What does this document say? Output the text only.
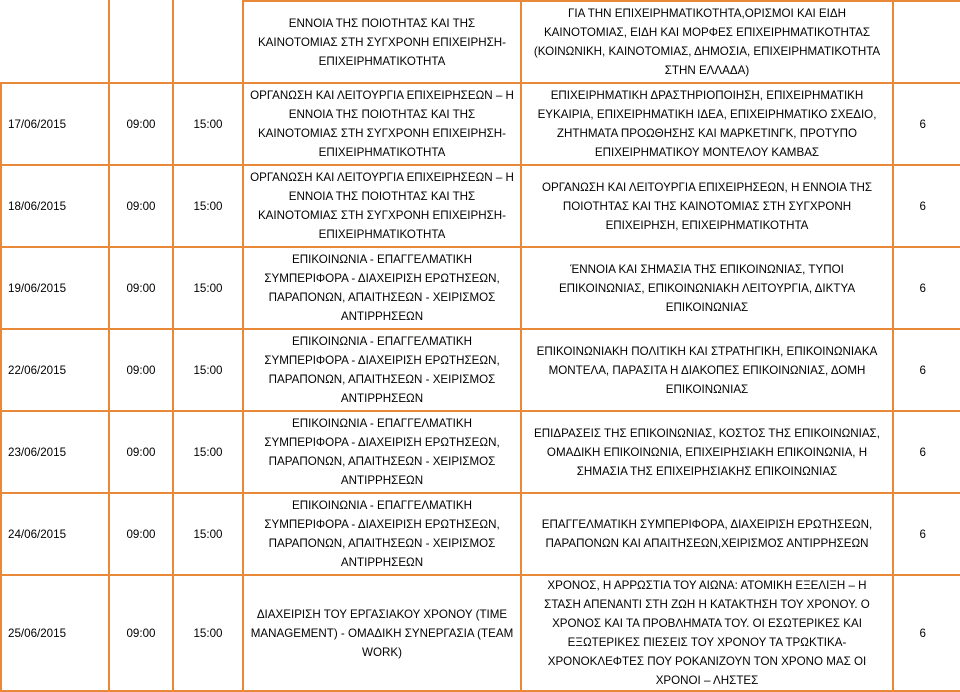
			ΕΝΝΟΙΑ ΤΗΣ ΠΟΙΟΤΗΤΑΣ ΚΑΙ ΤΗΣ ΚΑΙΝΟΤΟΜΙΑΣ ΣΤΗ ΣΥΓΧΡΟΝΗ ΕΠΙΧΕΙΡΗΣΗ-ΕΠΙΧΕΙΡΗΜΑΤΙΚΟΤΗΤΑ	ΓΙΑ ΤΗΝ ΕΠΙΧΕΙΡΗΜΑΤΙΚΟΤΗΤΑ,ΟΡΙΣΜΟΙ ΚΑΙ ΕΙΔΗ ΚΑΙΝΟΤΟΜΙΑΣ, ΕΙΔΗ ΚΑΙ ΜΟΡΦΕΣ ΕΠΙΧΕΙΡΗΜΑΤΙΚΟΤΗΤΑΣ (ΚΟΙΝΩΝΙΚΗ, ΚΑΙΝΟΤΟΜΙΑΣ, ΔΗΜΟΣΙΑ, ΕΠΙΧΕΙΡΗΜΑΤΙΚΟΤΗΤΑ ΣΤΗΝ ΕΛΛΑΔΑ)	
17/06/2015	09:00	15:00	ΟΡΓΑΝΩΣΗ ΚΑΙ ΛΕΙΤΟΥΡΓΙΑ ΕΠΙΧΕΙΡΗΣΕΩΝ – Η ΕΝΝΟΙΑ ΤΗΣ ΠΟΙΟΤΗΤΑΣ ΚΑΙ ΤΗΣ ΚΑΙΝΟΤΟΜΙΑΣ ΣΤΗ ΣΥΓΧΡΟΝΗ ΕΠΙΧΕΙΡΗΣΗ-ΕΠΙΧΕΙΡΗΜΑΤΙΚΟΤΗΤΑ	ΕΠΙΧΕΙΡΗΜΑΤΙΚΗ ΔΡΑΣΤΗΡΙΟΠΟΙΗΣΗ, ΕΠΙΧΕΙΡΗΜΑΤΙΚΗ ΕΥΚΑΙΡΙΑ, ΕΠΙΧΕΙΡΗΜΑΤΙΚΗ ΙΔΕΑ, ΕΠΙΧΕΙΡΗΜΑΤΙΚΟ ΣΧΕΔΙΟ, ΖΗΤΗΜΑΤΑ ΠΡΟΩΘΗΣΗΣ ΚΑΙ ΜΑΡΚΕΤΙΝΓΚ, ΠΡΟΤΥΠΟ ΕΠΙΧΕΙΡΗΜΑΤΙΚΟΥ ΜΟΝΤΕΛΟΥ ΚΑΜΒΑΣ	6
18/06/2015	09:00	15:00	ΟΡΓΑΝΩΣΗ ΚΑΙ ΛΕΙΤΟΥΡΓΙΑ ΕΠΙΧΕΙΡΗΣΕΩΝ – Η ΕΝΝΟΙΑ ΤΗΣ ΠΟΙΟΤΗΤΑΣ ΚΑΙ ΤΗΣ ΚΑΙΝΟΤΟΜΙΑΣ ΣΤΗ ΣΥΓΧΡΟΝΗ ΕΠΙΧΕΙΡΗΣΗ-ΕΠΙΧΕΙΡΗΜΑΤΙΚΟΤΗΤΑ	ΟΡΓΑΝΩΣΗ ΚΑΙ ΛΕΙΤΟΥΡΓΙΑ ΕΠΙΧΕΙΡΗΣΕΩΝ, Η ΕΝΝΟΙΑ ΤΗΣ ΠΟΙΟΤΗΤΑΣ ΚΑΙ ΤΗΣ ΚΑΙΝΟΤΟΜΙΑΣ ΣΤΗ ΣΥΓΧΡΟΝΗ ΕΠΙΧΕΙΡΗΣΗ, ΕΠΙΧΕΙΡΗΜΑΤΙΚΟΤΗΤΑ	6
19/06/2015	09:00	15:00	ΕΠΙΚΟΙΝΩΝΙΑ - ΕΠΑΓΓΕΛΜΑΤΙΚΗ ΣΥΜΠΕΡΙΦΟΡΑ - ΔΙΑΧΕΙΡΙΣΗ ΕΡΩΤΗΣΕΩΝ, ΠΑΡΑΠΟΝΩΝ, ΑΠΑΙΤΗΣΕΩΝ - ΧΕΙΡΙΣΜΟΣ ΑΝΤΙΡΡΗΣΕΩΝ	ΈΝΝΟΙΑ ΚΑΙ ΣΗΜΑΣΙΑ ΤΗΣ ΕΠΙΚΟΙΝΩΝΙΑΣ, ΤΥΠΟΙ ΕΠΙΚΟΙΝΩΝΙΑΣ, ΕΠΙΚΟΙΝΩΝΙΑΚΗ ΛΕΙΤΟΥΡΓΙΑ, ΔΙΚΤΥΑ ΕΠΙΚΟΙΝΩΝΙΑΣ	6
22/06/2015	09:00	15:00	ΕΠΙΚΟΙΝΩΝΙΑ - ΕΠΑΓΓΕΛΜΑΤΙΚΗ ΣΥΜΠΕΡΙΦΟΡΑ - ΔΙΑΧΕΙΡΙΣΗ ΕΡΩΤΗΣΕΩΝ, ΠΑΡΑΠΟΝΩΝ, ΑΠΑΙΤΗΣΕΩΝ - ΧΕΙΡΙΣΜΟΣ ΑΝΤΙΡΡΗΣΕΩΝ	ΕΠΙΚΟΙΝΩΝΙΑΚΗ ΠΟΛΙΤΙΚΗ ΚΑΙ ΣΤΡΑΤΗΓΙΚΗ, ΕΠΙΚΟΙΝΩΝΙΑΚΑ ΜΟΝΤΕΛΑ, ΠΑΡΑΣΙΤΑ Η ΔΙΑΚΟΠΕΣ ΕΠΙΚΟΙΝΩΝΙΑΣ, ΔΟΜΗ ΕΠΙΚΟΙΝΩΝΙΑΣ	6
23/06/2015	09:00	15:00	ΕΠΙΚΟΙΝΩΝΙΑ - ΕΠΑΓΓΕΛΜΑΤΙΚΗ ΣΥΜΠΕΡΙΦΟΡΑ - ΔΙΑΧΕΙΡΙΣΗ ΕΡΩΤΗΣΕΩΝ, ΠΑΡΑΠΟΝΩΝ, ΑΠΑΙΤΗΣΕΩΝ - ΧΕΙΡΙΣΜΟΣ ΑΝΤΙΡΡΗΣΕΩΝ	ΕΠΙΔΡΑΣΕΙΣ ΤΗΣ ΕΠΙΚΟΙΝΩΝΙΑΣ, ΚΟΣΤΟΣ ΤΗΣ ΕΠΙΚΟΙΝΩΝΙΑΣ, ΟΜΑΔΙΚΗ ΕΠΙΚΟΙΝΩΝΙΑ, ΕΠΙΧΕΙΡΗΣΙΑΚΗ ΕΠΙΚΟΙΝΩΝΙΑ, Η ΣΗΜΑΣΙΑ ΤΗΣ ΕΠΙΧΕΙΡΗΣΙΑΚΗΣ ΕΠΙΚΟΙΝΩΝΙΑΣ	6
24/06/2015	09:00	15:00	ΕΠΙΚΟΙΝΩΝΙΑ - ΕΠΑΓΓΕΛΜΑΤΙΚΗ ΣΥΜΠΕΡΙΦΟΡΑ - ΔΙΑΧΕΙΡΙΣΗ ΕΡΩΤΗΣΕΩΝ, ΠΑΡΑΠΟΝΩΝ, ΑΠΑΙΤΗΣΕΩΝ - ΧΕΙΡΙΣΜΟΣ ΑΝΤΙΡΡΗΣΕΩΝ	ΕΠΑΓΓΕΛΜΑΤΙΚΗ ΣΥΜΠΕΡΙΦΟΡΑ, ΔΙΑΧΕΙΡΙΣΗ ΕΡΩΤΗΣΕΩΝ, ΠΑΡΑΠΟΝΩΝ ΚΑΙ ΑΠΑΙΤΗΣΕΩΝ,ΧΕΙΡΙΣΜΟΣ ΑΝΤΙΡΡΗΣΕΩΝ	6
25/06/2015	09:00	15:00	ΔΙΑΧΕΙΡΙΣΗ ΤΟΥ ΕΡΓΑΣΙΑΚΟΥ ΧΡΟΝΟΥ (TIME MANAGEMENT) - ΟΜΑΔΙΚΗ ΣΥΝΕΡΓΑΣΙΑ (TEAM WORK)	ΧΡΟΝΟΣ, Η ΑΡΡΩΣΤΙΑ ΤΟΥ ΑΙΩΝΑ: ΑΤΟΜΙΚΗ ΕΞΕΛΙΞΗ – Η ΣΤΑΣΗ ΑΠΕΝΑΝΤΙ ΣΤΗ ΖΩΗ Η ΚΑΤΑΚΤΗΣΗ ΤΟΥ ΧΡΟΝΟΥ. Ο ΧΡΟΝΟΣ ΚΑΙ ΤΑ ΠΡΟΒΛΗΜΑΤΑ ΤΟΥ. ΟΙ ΕΣΩΤΕΡΙΚΕΣ ΚΑΙ ΕΞΩΤΕΡΙΚΕΣ ΠΙΕΣΕΙΣ ΤΟΥ ΧΡΟΝΟΥ ΤΑ ΤΡΩΚΤΙΚΑ-ΧΡΟΝΟΚΛΕΦΤΕΣ ΠΟΥ ΡΟΚΑΝΙΖΟΥΝ ΤΟΝ ΧΡΟΝΟ ΜΑΣ ΟΙ ΧΡΟΝΟΙ – ΛΗΣΤΕΣ	6
